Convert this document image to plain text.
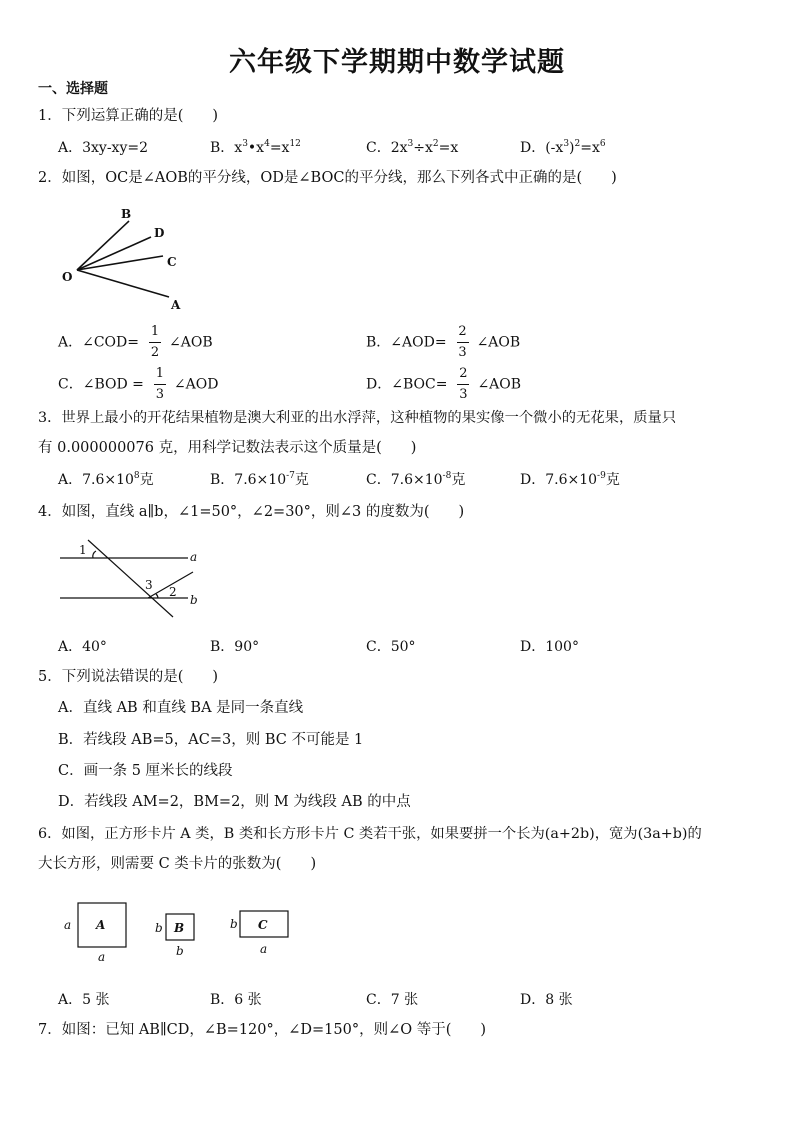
六年级下学期期中数学试题
一、选择题
1．下列运算正确的是(　　)
A．3xy-xy=2	B．$x^3•x^4=x^{12}$	C．$2x^3\div x^2=x$	D．$(-x^3)^2=x^6$
2．如图，OC是∠AOB的平分线，OD是∠BOC的平分线，那么下列各式中正确的是(　　)
B
D
C
O
A
A．∠COD= $\frac{1}{2}$ ∠AOB	B．∠AOD= $\frac{2}{3}$ ∠AOB
C．∠BOD = $\frac{1}{3}$ ∠AOD	D．∠BOC= $\frac{2}{3}$ ∠AOB
3．世界上最小的开花结果植物是澳大利亚的出水浮萍，这种植物的果实像一个微小的无花果，质量只
有 0.000000076 克，用科学记数法表示这个质量是(　　)
A．$7.6\times 10^8$克	B．$7.6\times 10^{-7}$克	C．$7.6\times 10^{-8}$克	D．$7.6\times 10^{-9}$克
4．如图，直线 a∥b，∠1=50°，∠2=30°，则∠3 的度数为(　　)
1
2
3
a
b
A．40°	B．90°	C．50°	D．100°
5．下列说法错误的是(　　)
A．直线 AB 和直线 BA 是同一条直线
B．若线段 AB=5，AC=3，则 BC 不可能是 1
C．画一条 5 厘米长的线段
D．若线段 AM=2，BM=2，则 M 为线段 AB 的中点
6．如图，正方形卡片 A 类，B 类和长方形卡片 C 类若干张，如果要拼一个长为(a+2b)，宽为(3a+b)的
大长方形，则需要 C 类卡片的张数为(　　)
A	B	C
a
a
b
b
b
a
A．5 张	B．6 张	C．7 张	D．8 张
7．如图：已知 AB∥CD，∠B=120°，∠D=150°，则∠O 等于(　　)
